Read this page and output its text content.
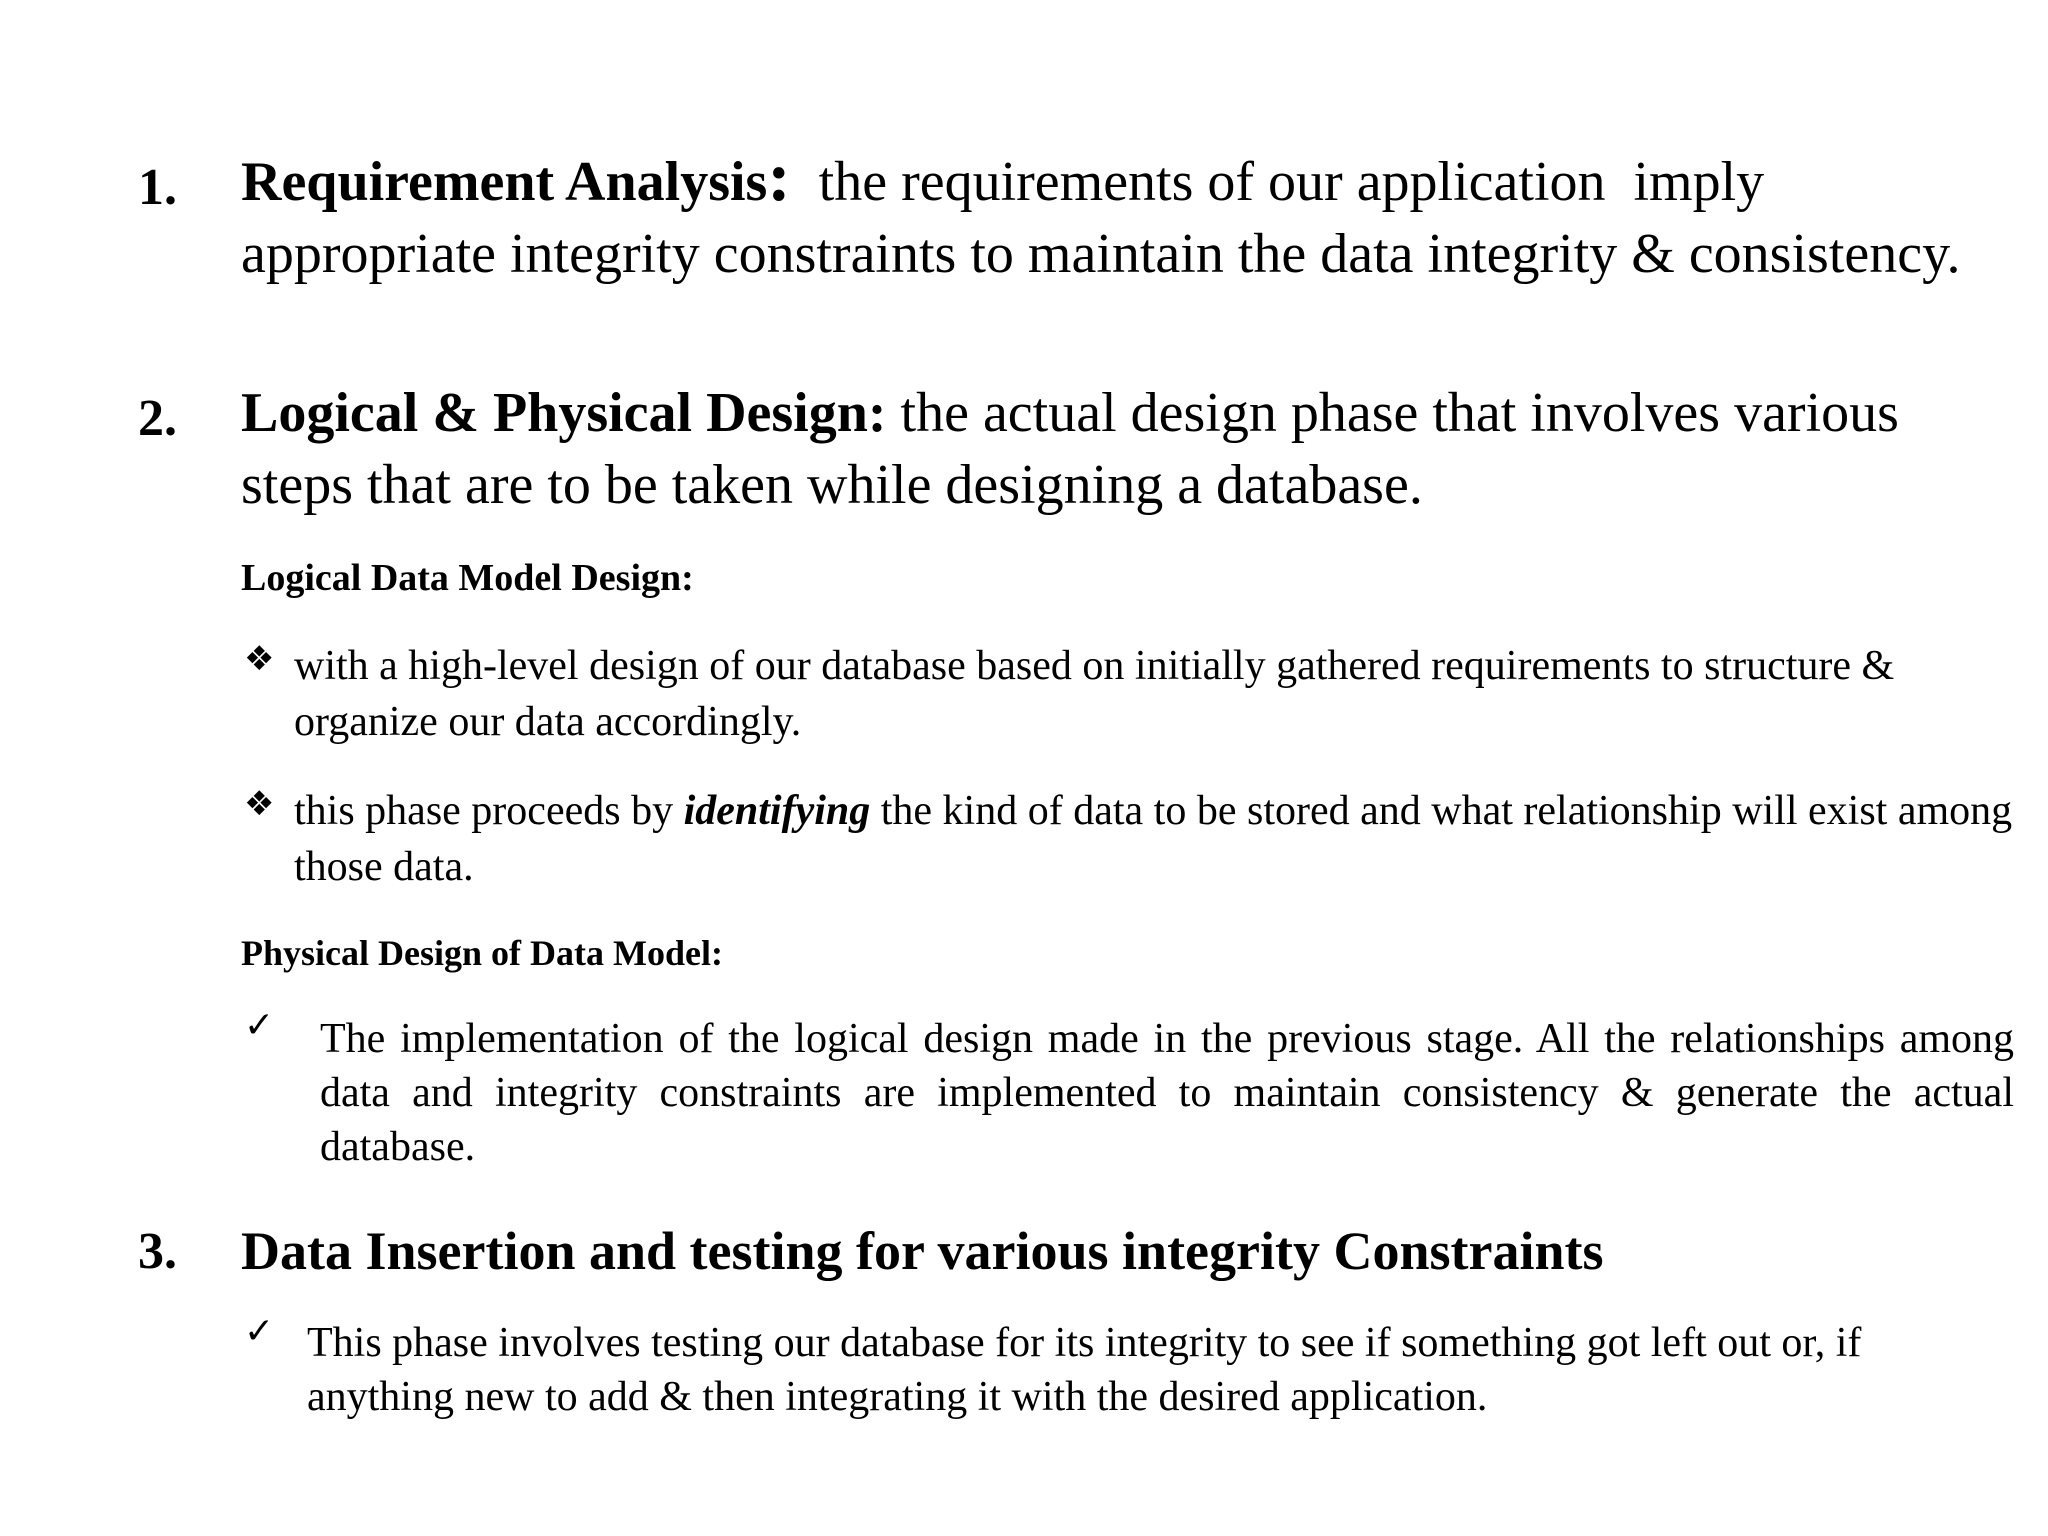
1. Requirement Analysis:  the requirements of our application  imply appropriate integrity constraints to maintain the data integrity & consistency.
2. Logical & Physical Design: the actual design phase that involves various steps that are to be taken while designing a database.
Logical Data Model Design:
❖ with a high-level design of our database based on initially gathered requirements to structure & organize our data accordingly.
❖ this phase proceeds by identifying the kind of data to be stored and what relationship will exist among those data.
Physical Design of Data Model:
✓ The implementation of the logical design made in the previous stage. All the relationships among data and integrity constraints are implemented to maintain consistency & generate the actual database.
3. Data Insertion and testing for various integrity Constraints
✓ This phase involves testing our database for its integrity to see if something got left out or, if anything new to add & then integrating it with the desired application.
